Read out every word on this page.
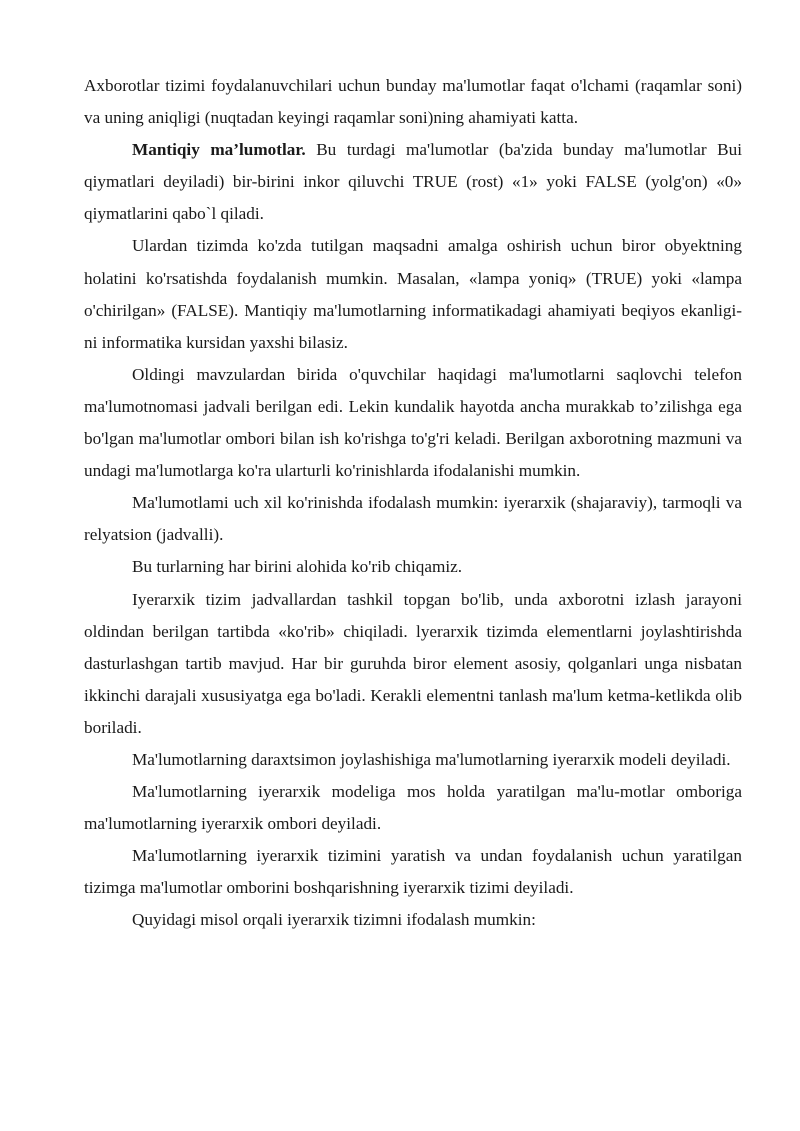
Axborotlar tizimi foydalanuvchilari uchun bunday ma'lumotlar faqat o'lchami (raqamlar soni) va uning aniqligi (nuqtadan keyingi raqamlar soni)ning ahamiyati katta.

Mantiqiy ma’lumotlar. Bu turdagi ma'lumotlar (ba'zida bunday ma'lumotlar Bui qiymatlari deyiladi) bir-birini inkor qiluvchi TRUE (rost) «1» yoki FALSE (yolg'on) «0» qiymatlarini qabo`l qiladi.

Ulardan tizimda ko'zda tutilgan maqsadni amalga oshirish uchun biror obyektning holatini ko'rsatishda foydalanish mumkin. Masalan, «lampa yoniq» (TRUE) yoki «lampa o'chirilgan» (FALSE). Mantiqiy ma'lumotlarning informatikadagi ahamiyati beqiyos ekanligi-ni informatika kursidan yaxshi bilasiz.

Oldingi mavzulardan birida o'quvchilar haqidagi ma'lumotlarni saqlovchi telefon ma'lumotnomasi jadvali berilgan edi. Lekin kundalik hayotda ancha murakkab to’zilishga ega bo'lgan ma'lumotlar ombori bilan ish ko'rishga to'g'ri keladi. Berilgan axborotning mazmuni va undagi ma'lumotlarga ko'ra ularturli ko'rinishlarda ifodalanishi mumkin.

Ma'lumotlami uch xil ko'rinishda ifodalash mumkin: iyerarxik (shajaraviy), tarmoqli va relyatsion (jadvalli).

Bu turlarning har birini alohida ko'rib chiqamiz.

Iyerarxik tizim jadvallardan tashkil topgan bo'lib, unda axborotni izlash jarayoni oldindan berilgan tartibda «ko'rib» chiqiladi. lyerarxik tizimda elementlarni joylashtirishda dasturlashgan tartib mavjud. Har bir guruhda biror element asosiy, qolganlari unga nisbatan ikkinchi darajali xususiyatga ega bo'ladi. Kerakli elementni tanlash ma'lum ketma-ketlikda olib boriladi.

Ma'lumotlarning daraxtsimon joylashishiga ma'lumotlarning iyerarxik modeli deyiladi.

Ma'lumotlarning iyerarxik modeliga mos holda yaratilgan ma'lu-motlar omboriga ma'lumotlarning iyerarxik ombori deyiladi.

Ma'lumotlarning iyerarxik tizimini yaratish va undan foydalanish uchun yaratilgan tizimga ma'lumotlar omborini boshqarishning iyerarxik tizimi deyiladi.

Quyidagi misol orqali iyerarxik tizimni ifodalash mumkin:
